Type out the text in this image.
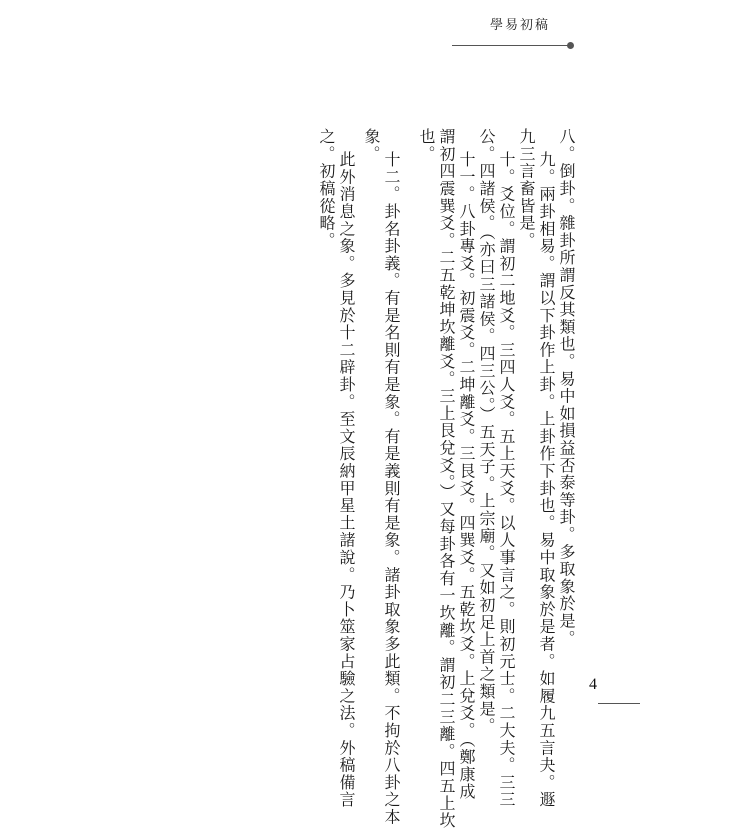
學易初稿
八。倒卦。雜卦所謂反其類也。易中如損益否泰等卦。多取象於是。
九。兩卦相易。謂以下卦作上卦。上卦作下卦也。易中取象於是者。如履九五言夬。遯
九三言畜皆是。
十。爻位。謂初二地爻。三四人爻。五上天爻。以人事言之。則初元士。二大夫。三三
公。四諸侯。（亦曰三諸侯。四三公。）五天子。上宗廟。又如初足上首之類是。
十一。八卦專爻。初震爻。二坤離爻。三艮爻。四巽爻。五乾坎爻。上兌爻。（鄭康成
謂初四震巽爻。二五乾坤坎離爻。三上艮兌爻。）又每卦各有一坎離。謂初二三離。四五上坎
也。
十二。卦名卦義。有是名則有是象。有是義則有是象。諸卦取象多此類。不拘於八卦之本
象。
此外消息之象。多見於十二辟卦。至文辰納甲星土諸說。乃卜筮家占驗之法。外稿備言
之。初稿從略。
4
